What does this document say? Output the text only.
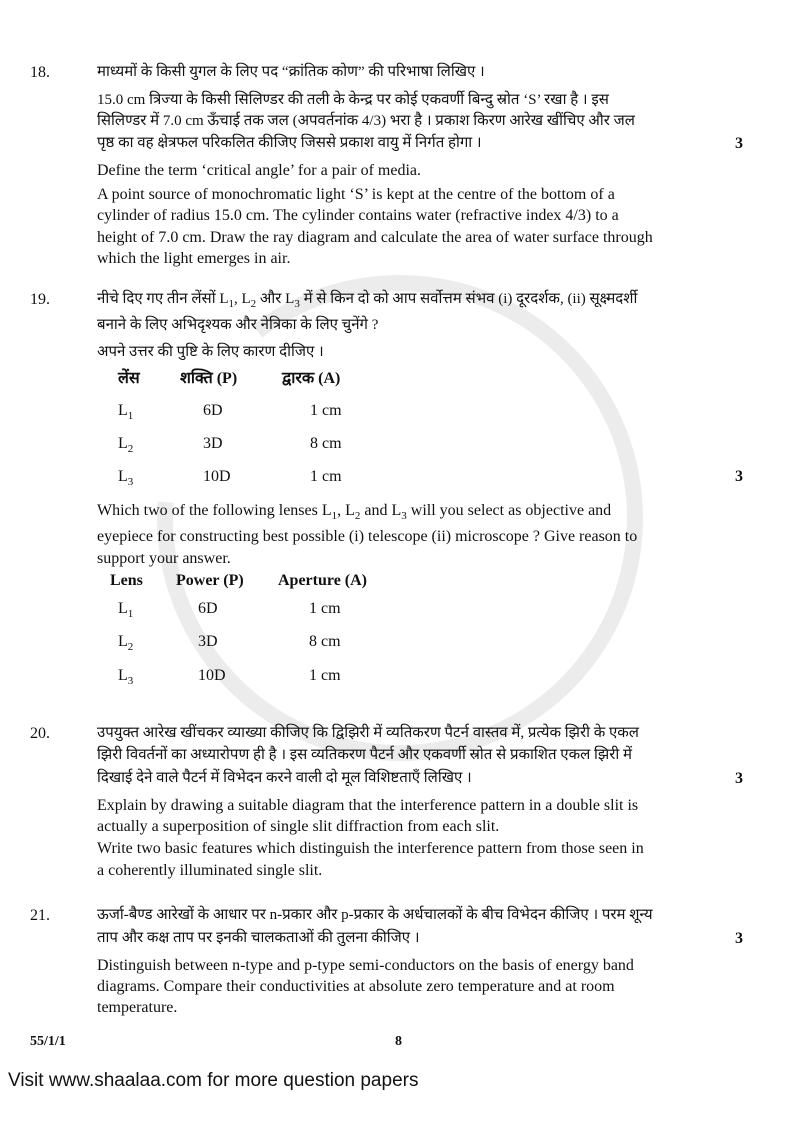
18.	माध्यमों के किसी युगल के लिए पद “क्रांतिक कोण” की परिभाषा लिखिए ।
15.0 cm त्रिज्या के किसी सिलिण्डर की तली के केन्द्र पर कोई एकवर्णी बिन्दु स्रोत ‘S’ रखा है । इस
सिलिण्डर में 7.0 cm ऊँचाई तक जल (अपवर्तनांक 4/3) भरा है । प्रकाश किरण आरेख खींचिए और जल
पृष्ठ का वह क्षेत्रफल परिकलित कीजिए जिससे प्रकाश वायु में निर्गत होगा ।	3
Define the term ‘critical angle’ for a pair of media.
A point source of monochromatic light ‘S’ is kept at the centre of the bottom of a
cylinder of radius 15.0 cm. The cylinder contains water (refractive index 4/3) to a
height of 7.0 cm. Draw the ray diagram and calculate the area of water surface through
which the light emerges in air.
19.	नीचे दिए गए तीन लेंसों $L_1$, $L_2$ और $L_3$ में से किन दो को आप सर्वोत्तम संभव (i) दूरदर्शक, (ii) सूक्ष्मदर्शी
बनाने के लिए अभिदृश्यक और नेत्रिका के लिए चुनेंगे ?
अपने उत्तर की पुष्टि के लिए कारण दीजिए ।
लेंस	शक्ति (P)	द्वारक (A)
$L_1$	6D	1 cm
$L_2$	3D	8 cm
$L_3$	10D	1 cm	3
Which two of the following lenses $L_1$, $L_2$ and $L_3$ will you select as objective and
eyepiece for constructing best possible (i) telescope (ii) microscope ? Give reason to
support your answer.
Lens	Power (P)	Aperture (A)
$L_1$	6D	1 cm
$L_2$	3D	8 cm
$L_3$	10D	1 cm
20.	उपयुक्त आरेख खींचकर व्याख्या कीजिए कि द्विझिरी में व्यतिकरण पैटर्न वास्तव में, प्रत्येक झिरी के एकल
झिरी विवर्तनों का अध्यारोपण ही है । इस व्यतिकरण पैटर्न और एकवर्णी स्रोत से प्रकाशित एकल झिरी में
दिखाई देने वाले पैटर्न में विभेदन करने वाली दो मूल विशिष्टताएँ लिखिए ।	3
Explain by drawing a suitable diagram that the interference pattern in a double slit is
actually a superposition of single slit diffraction from each slit.
Write two basic features which distinguish the interference pattern from those seen in
a coherently illuminated single slit.
21.	ऊर्जा-बैण्ड आरेखों के आधार पर n-प्रकार और p-प्रकार के अर्धचालकों के बीच विभेदन कीजिए । परम शून्य
ताप और कक्ष ताप पर इनकी चालकताओं की तुलना कीजिए ।	3
Distinguish between n-type and p-type semi-conductors on the basis of energy band
diagrams. Compare their conductivities at absolute zero temperature and at room
temperature.
55/1/1	8
Visit www.shaalaa.com for more question papers
